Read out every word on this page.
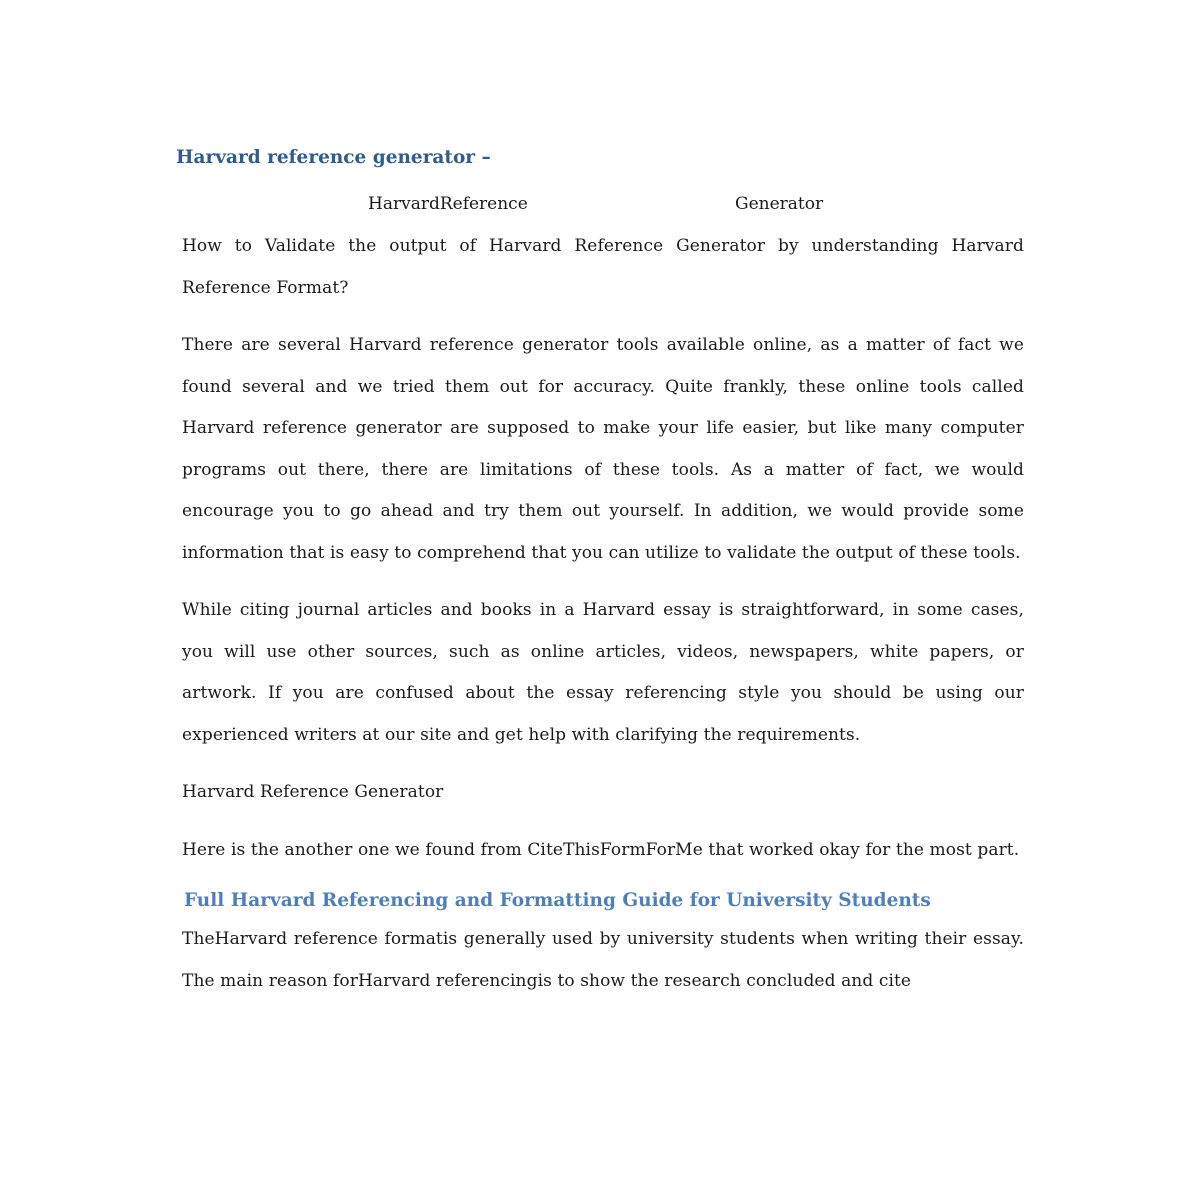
Harvard reference generator –
HarvardReference	Generator

How to Validate the output of Harvard Reference Generator by understanding Harvard Reference Format?

There are several Harvard reference generator tools available online, as a matter of fact we found several and we tried them out for accuracy. Quite frankly, these online tools called Harvard reference generator are supposed to make your life easier, but like many computer programs out there, there are limitations of these tools. As a matter of fact, we would encourage you to go ahead and try them out yourself. In addition, we would provide some information that is easy to comprehend that you can utilize to validate the output of these tools.

While citing journal articles and books in a Harvard essay is straightforward, in some cases, you will use other sources, such as online articles, videos, newspapers, white papers, or artwork. If you are confused about the essay referencing style you should be using our experienced writers at our site and get help with clarifying the requirements.

Harvard Reference Generator

Here is the another one we found from CiteThisFormForMe that worked okay for the most part.

Full Harvard Referencing and Formatting Guide for University Students

TheHarvard reference formatis generally used by university students when writing their essay. The main reason forHarvard referencingis to show the research concluded and cite
